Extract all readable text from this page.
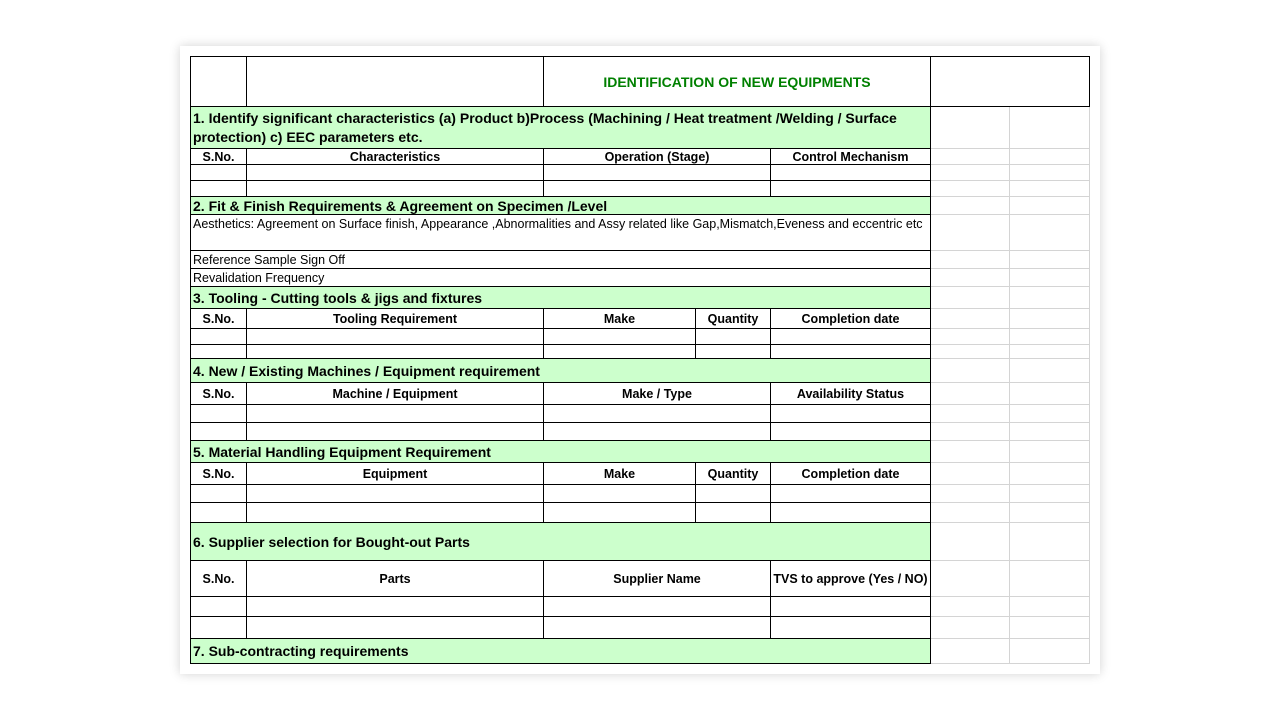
IDENTIFICATION OF NEW EQUIPMENTS
1. Identify significant characteristics (a) Product b)Process (Machining / Heat treatment /Welding / Surface protection) c) EEC parameters etc.
S.No.	Characteristics	Operation (Stage)	Control Mechanism
2. Fit & Finish Requirements & Agreement on Specimen /Level
Aesthetics: Agreement on Surface finish, Appearance ,Abnormalities and Assy related like Gap,Mismatch,Eveness and eccentric etc
Reference Sample Sign Off
Revalidation Frequency
3. Tooling - Cutting tools & jigs and fixtures
S.No.	Tooling Requirement	Make	Quantity	Completion date
4. New / Existing Machines / Equipment requirement
S.No.	Machine / Equipment	Make / Type	Availability Status
5. Material Handling Equipment Requirement
S.No.	Equipment	Make	Quantity	Completion date
6. Supplier selection for Bought-out Parts
S.No.	Parts	Supplier Name	TVS to approve (Yes / NO)
7. Sub-contracting requirements
